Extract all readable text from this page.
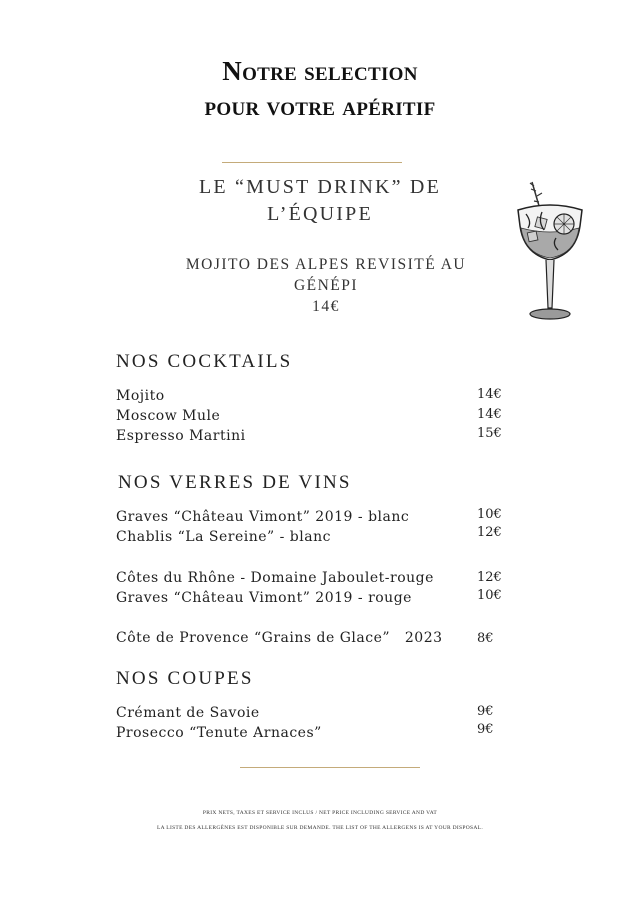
Notre selection
pour votre apéritif
LE “MUST DRINK” DE
L’ÉQUIPE
MOJITO DES ALPES REVISITÉ AU
GÉNÉPI
14€
NOS COCKTAILS
Mojito	14€
Moscow Mule	14€
Espresso Martini	15€
NOS VERRES DE VINS
Graves “Château Vimont” 2019 - blanc	10€
Chablis “La Sereine” - blanc	12€
Côtes du Rhône - Domaine Jaboulet-rouge	12€
Graves “Château Vimont” 2019 - rouge	10€
Côte de Provence “Grains de Glace”   2023	8€
NOS COUPES
Crémant de Savoie	9€
Prosecco “Tenute Arnaces”	9€
PRIX NETS, TAXES ET SERVICE INCLUS / NET PRICE INCLUDING SERVICE AND VAT
LA LISTE DES ALLERGÈNES EST DISPONIBLE SUR DEMANDE. THE LIST OF THE ALLERGENS IS AT YOUR DISPOSAL.
